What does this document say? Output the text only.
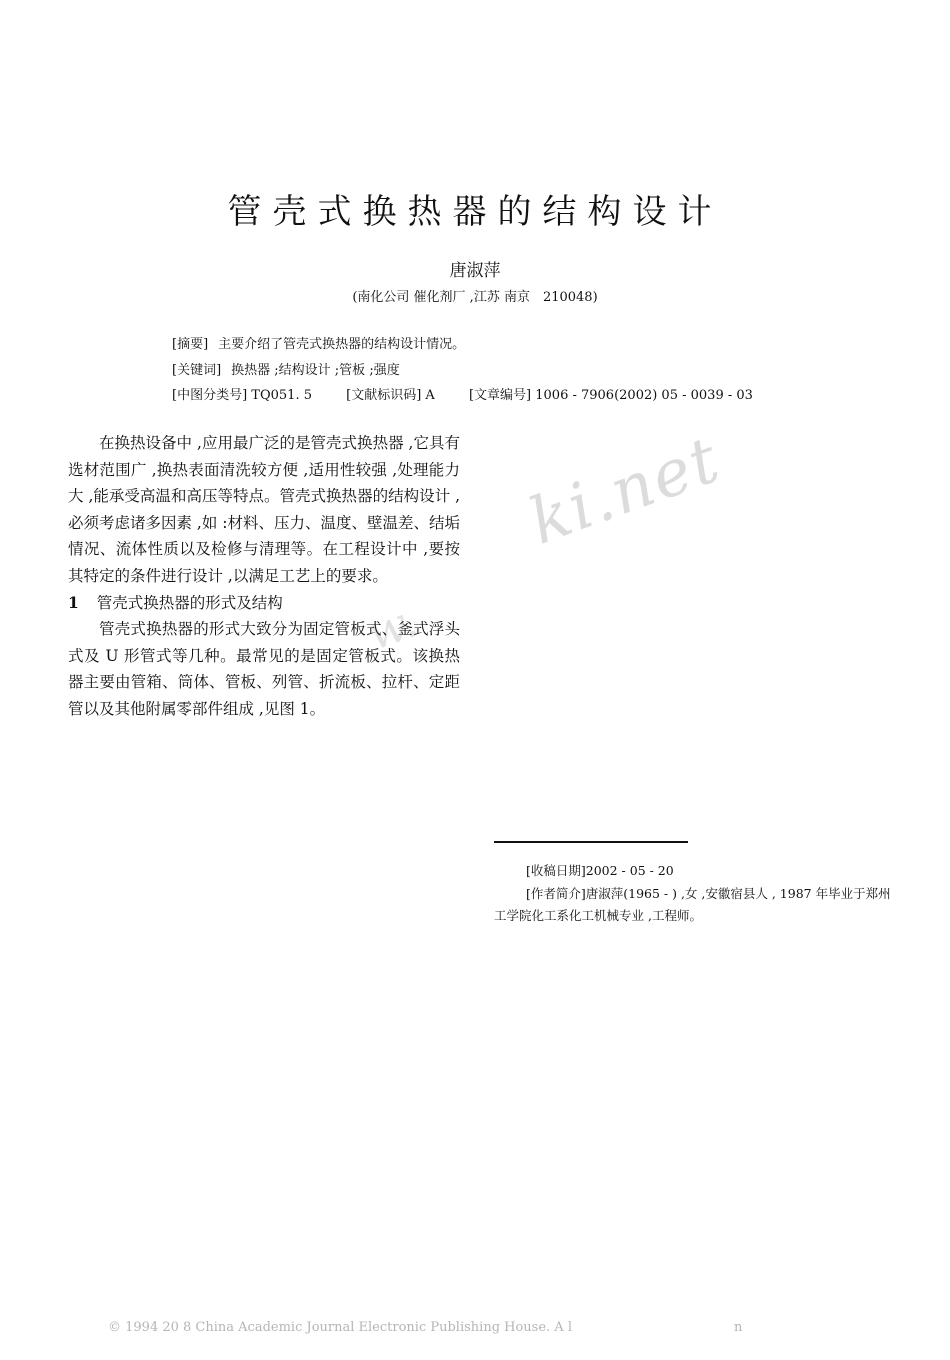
ki.net
w.
管壳式换热器的结构设计
唐淑萍
(南化公司 催化剂厂 ,江苏 南京　210048)
[摘要] 主要介绍了管壳式换热器的结构设计情况。
[关键词] 换热器 ;结构设计 ;管板 ;强度
[中图分类号] TQ051. 5	[文献标识码] A	[文章编号] 1006 - 7906(2002) 05 - 0039 - 03

在换热设备中 ,应用最广泛的是管壳式换热器 ,它具有选材范围广 ,换热表面清洗较方便 ,适用性较强 ,处理能力大 ,能承受高温和高压等特点。管壳式换热器的结构设计 ,必须考虑诸多因素 ,如 :材料、压力、温度、壁温差、结垢情况、流体性质以及检修与清理等。在工程设计中 ,要按其特定的条件进行设计 ,以满足工艺上的要求。

1 管壳式换热器的形式及结构

管壳式换热器的形式大致分为固定管板式、釜式浮头式及 U 形管式等几种。最常见的是固定管板式。该换热器主要由管箱、筒体、管板、列管、折流板、拉杆、定距管以及其他附属零部件组成 ,见图 1。

[收稿日期]2002 - 05 - 20
[作者简介]唐淑萍(1965 - ) ,女 ,安徽宿县人 , 1987 年毕业于郑州工学院化工系化工机械专业 ,工程师。
© 1994 20 8 China Academic Journal Electronic Publishing House. A l	n
